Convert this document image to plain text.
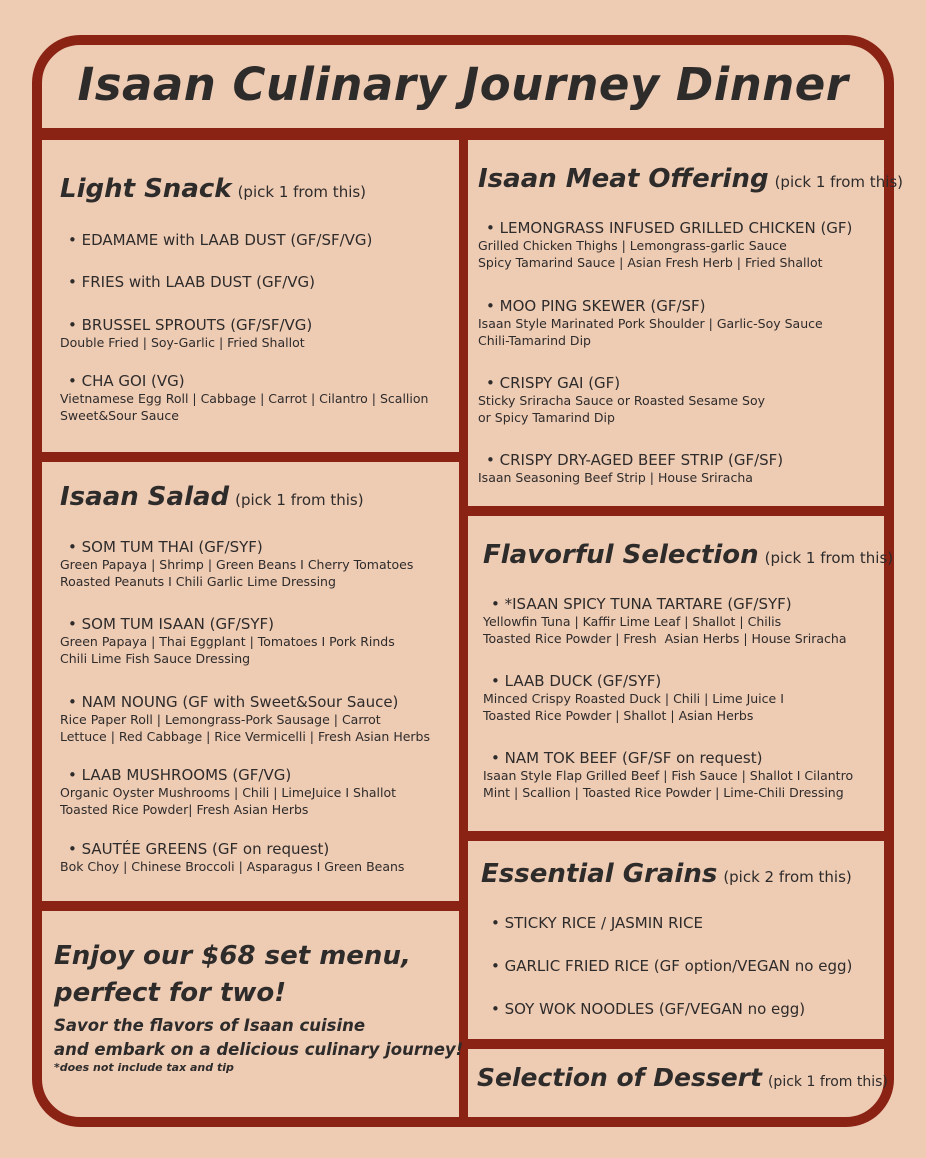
Isaan Culinary Journey Dinner

Light Snack (pick 1 from this)

• EDAMAME with LAAB DUST (GF/SF/VG)
• FRIES with LAAB DUST (GF/VG)
• BRUSSEL SPROUTS (GF/SF/VG)
Double Fried | Soy-Garlic | Fried Shallot
• CHA GOI (VG)
Vietnamese Egg Roll | Cabbage | Carrot | Cilantro | Scallion
Sweet&Sour Sauce

Isaan Salad (pick 1 from this)

• SOM TUM THAI (GF/SYF)
Green Papaya | Shrimp | Green Beans I Cherry Tomatoes
Roasted Peanuts I Chili Garlic Lime Dressing
• SOM TUM ISAAN (GF/SYF)
Green Papaya | Thai Eggplant | Tomatoes I Pork Rinds
Chili Lime Fish Sauce Dressing
• NAM NOUNG (GF with Sweet&Sour Sauce)
Rice Paper Roll | Lemongrass-Pork Sausage | Carrot
Lettuce | Red Cabbage | Rice Vermicelli | Fresh Asian Herbs
• LAAB MUSHROOMS (GF/VG)
Organic Oyster Mushrooms | Chili | LimeJuice I Shallot
Toasted Rice Powder| Fresh Asian Herbs
• SAUTÉE GREENS (GF on request)
Bok Choy | Chinese Broccoli | Asparagus I Green Beans

Enjoy our $68 set menu,
perfect for two!

Savor the flavors of Isaan cuisine
and embark on a delicious culinary journey!

*does not include tax and tip

Isaan Meat Offering (pick 1 from this)

• LEMONGRASS INFUSED GRILLED CHICKEN (GF)
Grilled Chicken Thighs | Lemongrass-garlic Sauce
Spicy Tamarind Sauce | Asian Fresh Herb | Fried Shallot
• MOO PING SKEWER (GF/SF)
Isaan Style Marinated Pork Shoulder | Garlic-Soy Sauce
Chili-Tamarind Dip
• CRISPY GAI (GF)
Sticky Sriracha Sauce or Roasted Sesame Soy
or Spicy Tamarind Dip
• CRISPY DRY-AGED BEEF STRIP (GF/SF)
Isaan Seasoning Beef Strip | House Sriracha

Flavorful Selection (pick 1 from this)

• *ISAAN SPICY TUNA TARTARE (GF/SYF)
Yellowfin Tuna | Kaffir Lime Leaf | Shallot | Chilis
Toasted Rice Powder | Fresh  Asian Herbs | House Sriracha
• LAAB DUCK (GF/SYF)
Minced Crispy Roasted Duck | Chili | Lime Juice I
Toasted Rice Powder | Shallot | Asian Herbs
• NAM TOK BEEF (GF/SF on request)
Isaan Style Flap Grilled Beef | Fish Sauce | Shallot I Cilantro
Mint | Scallion | Toasted Rice Powder | Lime-Chili Dressing

Essential Grains (pick 2 from this)

• STICKY RICE / JASMIN RICE
• GARLIC FRIED RICE (GF option/VEGAN no egg)
• SOY WOK NOODLES (GF/VEGAN no egg)

Selection of Dessert (pick 1 from this)
